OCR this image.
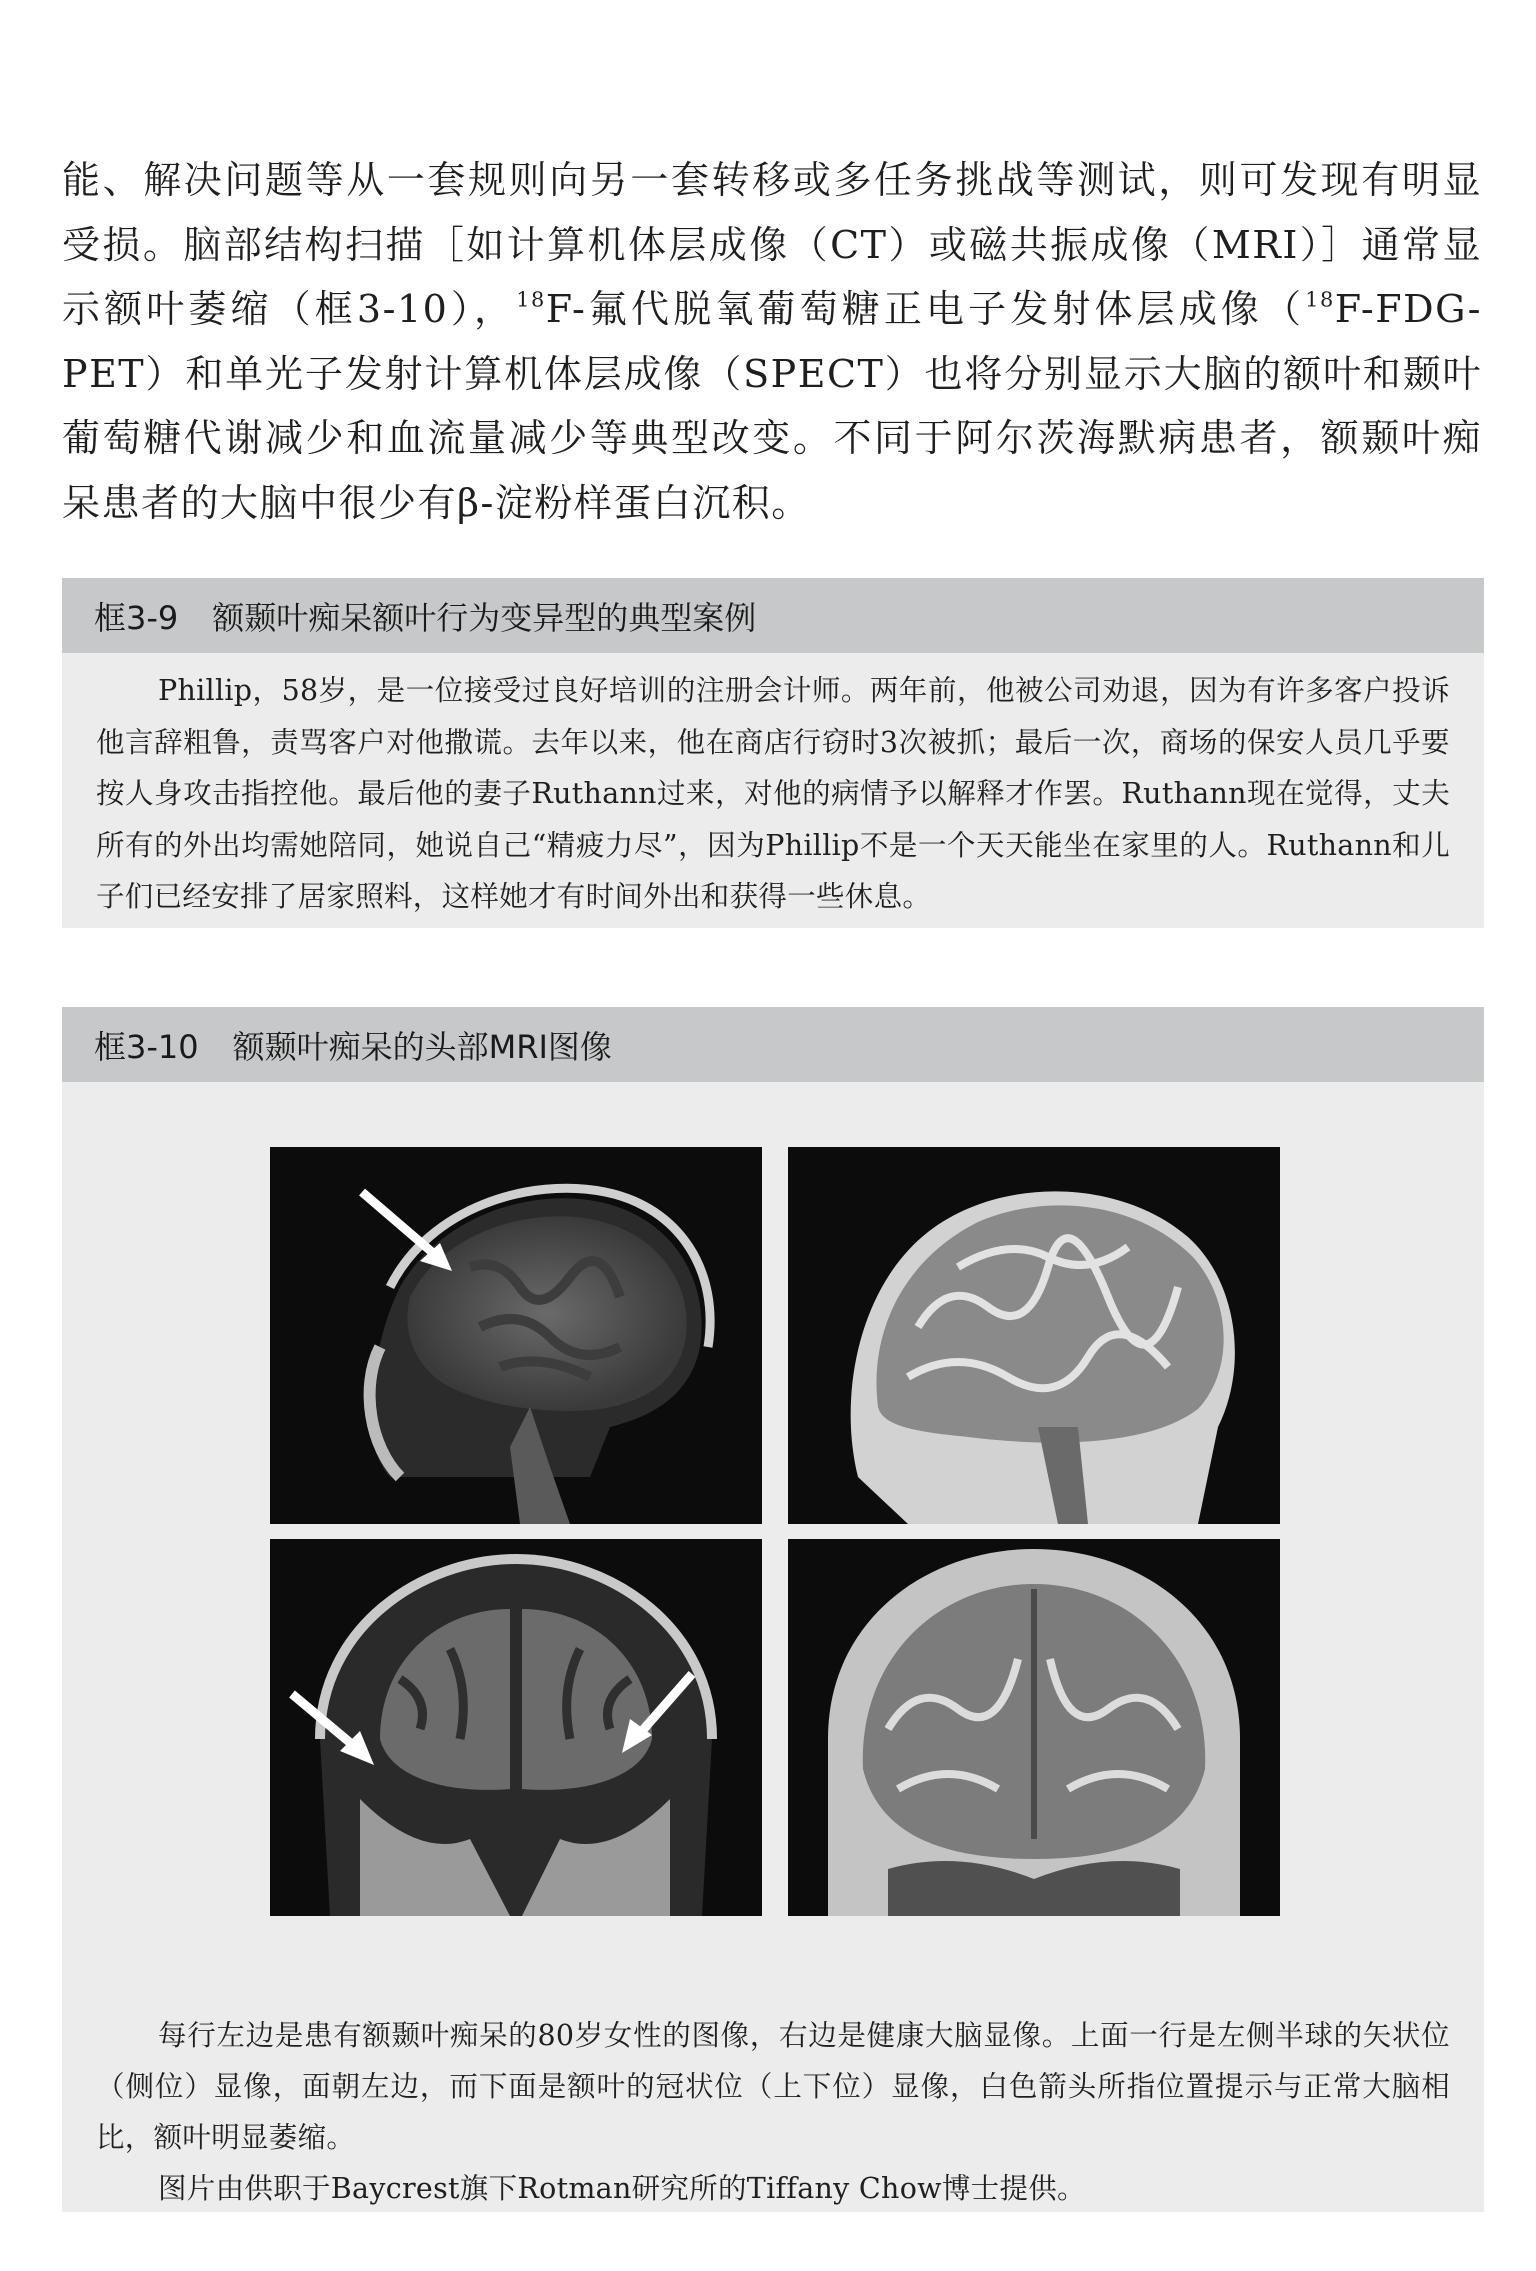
能、解决问题等从一套规则向另一套转移或多任务挑战等测试，则可发现有明显受损。脑部结构扫描［如计算机体层成像（CT）或磁共振成像（MRI）］通常显示额叶萎缩（框3-10），$^{18}$F-氟代脱氧葡萄糖正电子发射体层成像（$^{18}$F-FDG-PET）和单光子发射计算机体层成像（SPECT）也将分别显示大脑的额叶和颞叶葡萄糖代谢减少和血流量减少等典型改变。不同于阿尔茨海默病患者，额颞叶痴呆患者的大脑中很少有β-淀粉样蛋白沉积。

框3-9 额颞叶痴呆额叶行为变异型的典型案例

Phillip，58岁，是一位接受过良好培训的注册会计师。两年前，他被公司劝退，因为有许多客户投诉他言辞粗鲁，责骂客户对他撒谎。去年以来，他在商店行窃时3次被抓；最后一次，商场的保安人员几乎要按人身攻击指控他。最后他的妻子Ruthann过来，对他的病情予以解释才作罢。Ruthann现在觉得，丈夫所有的外出均需她陪同，她说自己“精疲力尽”，因为Phillip不是一个天天能坐在家里的人。Ruthann和儿子们已经安排了居家照料，这样她才有时间外出和获得一些休息。

框3-10 额颞叶痴呆的头部MRI图像

每行左边是患有额颞叶痴呆的80岁女性的图像，右边是健康大脑显像。上面一行是左侧半球的矢状位（侧位）显像，面朝左边，而下面是额叶的冠状位（上下位）显像，白色箭头所指位置提示与正常大脑相比，额叶明显萎缩。

图片由供职于Baycrest旗下Rotman研究所的Tiffany Chow博士提供。
